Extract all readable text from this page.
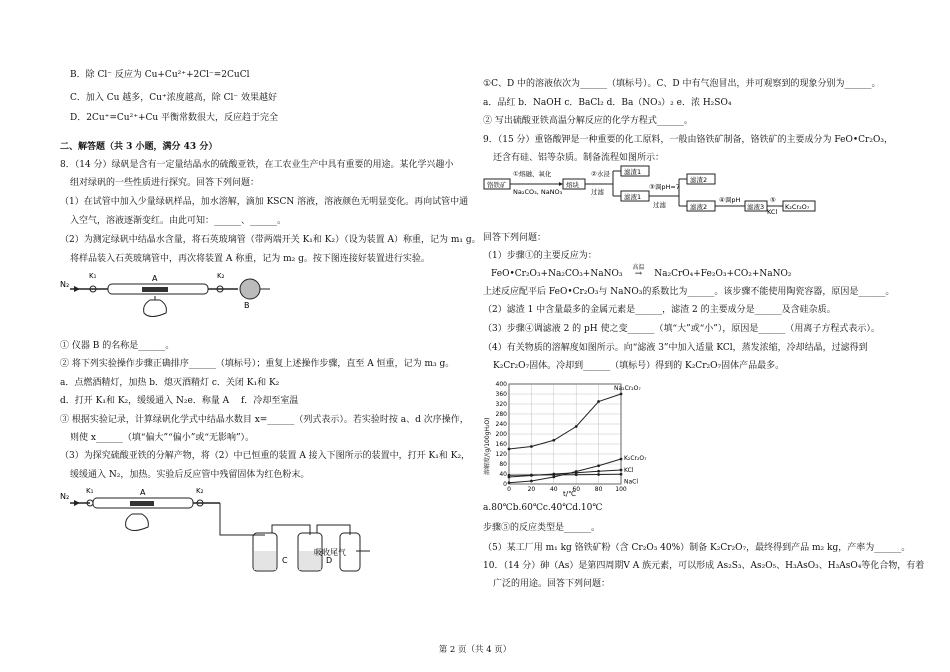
B．除 Cl⁻ 反应为 Cu+Cu²⁺+2Cl⁻=2CuCl
C．加入 Cu 越多，Cu⁺浓度越高，除 Cl⁻ 效果越好
D．2Cu⁺=Cu²⁺+Cu 平衡常数很大，反应趋于完全
二、解答题（共 3 小题，满分 43 分）
8．（14 分）绿矾是含有一定量结晶水的硫酸亚铁，在工农业生产中具有重要的用途。某化学兴趣小
组对绿矾的一些性质进行探究。回答下列问题：
（1）在试管中加入少量绿矾样品，加水溶解，滴加 KSCN 溶液，溶液颜色无明显变化。再向试管中通
入空气，溶液逐渐变红。由此可知：______、______。
（2）为测定绿矾中结晶水含量，将石英玻璃管（带两端开关 K₁和 K₂）（设为装置 A）称重，记为 m₁ g。
将样品装入石英玻璃管中，再次将装置 A 称重，记为 m₂ g。按下图连接好装置进行实验。
N₂
K₁	A	K₂
B
① 仪器 B 的名称是______。
② 将下列实验操作步骤正确排序______（填标号）；重复上述操作步骤，直至 A 恒重，记为 m₃ g。
a．点燃酒精灯，加热 b．熄灭酒精灯 c．关闭 K₁和 K₂
d．打开 K₁和 K₂，缓缓通入 N₂e．称量 A　 f．冷却至室温
③ 根据实验记录，计算绿矾化学式中结晶水数目 x=______（列式表示）。若实验时按 a、d 次序操作，
则使 x______（填“偏大”“偏小”或“无影响”）。
（3）为探究硫酸亚铁的分解产物，将（2）中已恒重的装置 A 接入下图所示的装置中，打开 K₁和 K₂，
缓缓通入 N₂，加热。实验后反应管中残留固体为红色粉末。
N₂
K₁	A	K₂
C	D
吸收尾气
①C、D 中的溶液依次为______（填标号）。C、D 中有气泡冒出，并可观察到的现象分别为______。
a．品红 b．NaOH c．BaCl₂ d．Ba（NO₃）₂ e．浓 H₂SO₄
② 写出硫酸亚铁高温分解反应的化学方程式______。
9．（15 分）重铬酸钾是一种重要的化工原料，一般由铬铁矿制备，铬铁矿的主要成分为 FeO•Cr₂O₃，
还含有硅、铝等杂质。制备流程如图所示：
铬铁矿
①熔融、氧化
Na₂CO₃, NaNO₃
熔块
②水浸
过滤
滤渣1
滤液1
③调pH=7
过滤
滤渣2
滤液2
④调pH
滤液3
⑤
KCl
K₂Cr₂O₇
回答下列问题：
（1）步骤①的主要反应为：
FeO•Cr₂O₃+Na₂CO₃+NaNO₃
高温
→ Na₂CrO₄+Fe₂O₃+CO₂+NaNO₂
上述反应配平后 FeO•Cr₂O₃与 NaNO₃的系数比为______。该步骤不能使用陶瓷容器，原因是______。
（2）滤渣 1 中含量最多的金属元素是______，滤渣 2 的主要成分是______及含硅杂质。
（3）步骤④调滤液 2 的 pH 使之变______（填“大”或“小”），原因是______（用离子方程式表示）。
（4）有关物质的溶解度如图所示。向“滤液 3”中加入适量 KCl，蒸发浓缩，冷却结晶，过滤得到
K₂Cr₂O₇固体。冷却到______（填标号）得到的 K₂Cr₂O₇固体产品最多。
溶解度/(g/100gH₂O)
t/℃
0
40
80
120
160
200
240
280
320
360
400
0	20 40 60 80 100
Na₂Cr₂O₇
K₂Cr₂O₇
KCl
NaCl
a.80℃b.60℃c.40℃d.10℃
步骤⑤的反应类型是______。
（5）某工厂用 m₁ kg 铬铁矿粉（含 Cr₂O₃ 40%）制备 K₂Cr₂O₇，最终得到产品 m₂ kg，产率为______。
10．（14 分）砷（As）是第四周期Ⅴ A 族元素，可以形成 As₂S₃、As₂O₅、H₃AsO₃、H₃AsO₄等化合物，有着
广泛的用途。回答下列问题：
第 2 页（共 4 页）
